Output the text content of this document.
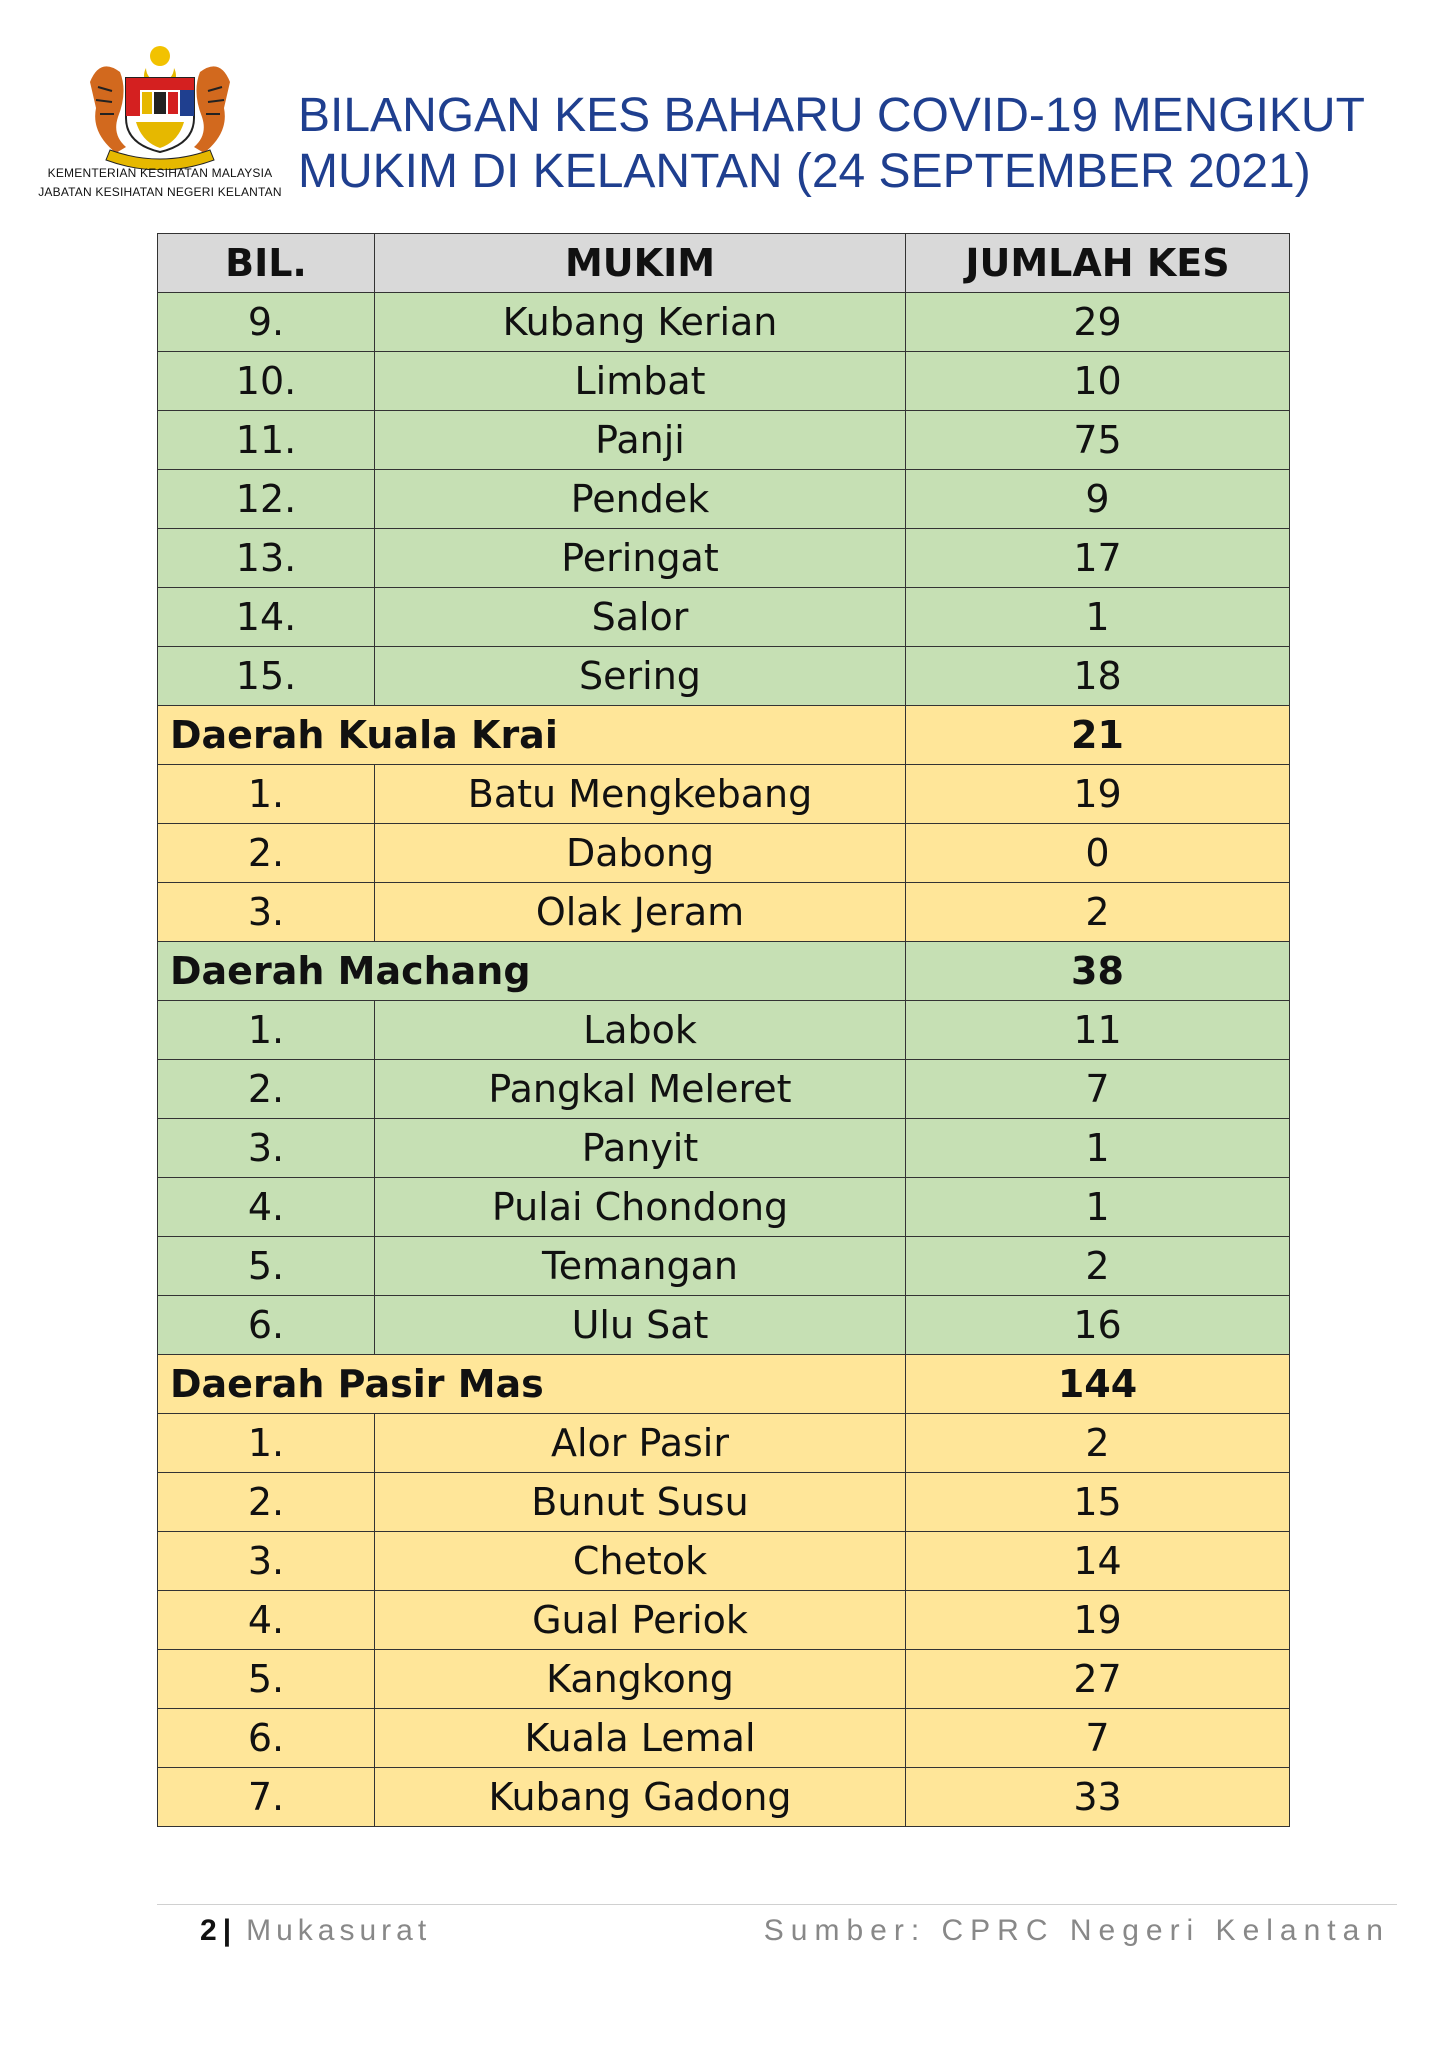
KEMENTERIAN KESIHATAN MALAYSIA
JABATAN KESIHATAN NEGERI KELANTAN
BILANGAN KES BAHARU COVID-19 MENGIKUT
MUKIM DI KELANTAN (24 SEPTEMBER 2021)
BIL.	MUKIM	JUMLAH KES
9.	Kubang Kerian	29
10.	Limbat	10
11.	Panji	75
12.	Pendek	9
13.	Peringat	17
14.	Salor	1
15.	Sering	18
Daerah Kuala Krai		21
1.	Batu Mengkebang	19
2.	Dabong	0
3.	Olak Jeram	2
Daerah Machang		38
1.	Labok	11
2.	Pangkal Meleret	7
3.	Panyit	1
4.	Pulai Chondong	1
5.	Temangan	2
6.	Ulu Sat	16
Daerah Pasir Mas		144
1.	Alor Pasir	2
2.	Bunut Susu	15
3.	Chetok	14
4.	Gual Periok	19
5.	Kangkong	27
6.	Kuala Lemal	7
7.	Kubang Gadong	33
2 | Mukasurat	Sumber: CPRC Negeri Kelantan
